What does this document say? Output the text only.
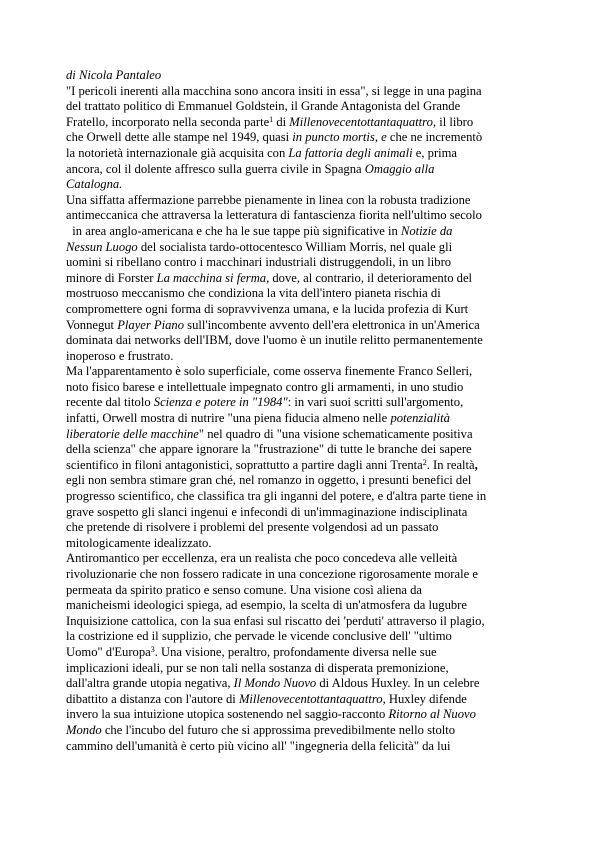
di Nicola Pantaleo
"I pericoli inerenti alla macchina sono ancora insiti in essa", si legge in una pagina
del trattato politico di Emmanuel Goldstein, il Grande Antagonista del Grande
Fratello, incorporato nella seconda parte$^1$ di Millenovecentottantaquattro, il libro
che Orwell dette alle stampe nel 1949, quasi in puncto mortis, e che ne incrementò
la notorietà internazionale già acquisita con La fattoria degli animali e, prima
ancora, col il dolente affresco sulla guerra civile in Spagna Omaggio alla
Catalogna.
Una siffatta affermazione parrebbe pienamente in linea con la robusta tradizione
antimeccanica che attraversa la letteratura di fantascienza fiorita nell'ultimo secolo
in area anglo-americana e che ha le sue tappe più significative in Notizie da
Nessun Luogo del socialista tardo-ottocentesco William Morris, nel quale gli
uomini si ribellano contro i macchinari industriali distruggendoli, in un libro
minore di Forster La macchina si ferma, dove, al contrario, il deterioramento del
mostruoso meccanismo che condiziona la vita dell'intero pianeta rischia di
compromettere ogni forma di sopravvivenza umana, e la lucida profezia di Kurt
Vonnegut Player Piano sull'incombente avvento dell'era elettronica in un'America
dominata dai networks dell'IBM, dove l'uomo è un inutile relitto permanentemente
inoperoso e frustrato.
Ma l'apparentamento è solo superficiale, come osserva finemente Franco Selleri,
noto fisico barese e intellettuale impegnato contro gli armamenti, in uno studio
recente dal titolo Scienza e potere in "1984": in vari suoi scritti sull'argomento,
infatti, Orwell mostra di nutrire "una piena fiducia almeno nelle potenzialità
liberatorie delle macchine" nel quadro di "una visione schematicamente positiva
della scienza" che appare ignorare la "frustrazione" di tutte le branche dei sapere
scientifico in filoni antagonistici, soprattutto a partire dagli anni Trenta$^2$. In realtà,
egli non sembra stimare gran ché, nel romanzo in oggetto, i presunti benefici del
progresso scientifico, che classifica tra gli inganni del potere, e d'altra parte tiene in
grave sospetto gli slanci ingenui e infecondi di un'immaginazione indisciplinata
che pretende di risolvere i problemi del presente volgendosi ad un passato
mitologicamente idealizzato.
Antiromantico per eccellenza, era un realista che poco concedeva alle velleità
rivoluzionarie che non fossero radicate in una concezione rigorosamente morale e
permeata da spirito pratico e senso comune. Una visione così aliena da
manicheismi ideologici spiega, ad esempio, la scelta di un'atmosfera da lugubre
Inquisizione cattolica, con la sua enfasi sul riscatto dei 'perduti' attraverso il plagio,
la costrizione ed il supplizio, che pervade le vicende conclusive dell' "ultimo
Uomo" d'Europa$^3$. Una visione, peraltro, profondamente diversa nelle sue
implicazioni ideali, pur se non tali nella sostanza di disperata premonizione,
dall'altra grande utopia negativa, Il Mondo Nuovo di Aldous Huxley. In un celebre
dibattito a distanza con l'autore di Millenovecentottantaquattro, Huxley difende
invero la sua intuizione utopica sostenendo nel saggio-racconto Ritorno al Nuovo
Mondo che l'incubo del futuro che si approssima prevedibilmente nello stolto
cammino dell'umanità è certo più vicino all' "ingegneria della felicità" da lui
